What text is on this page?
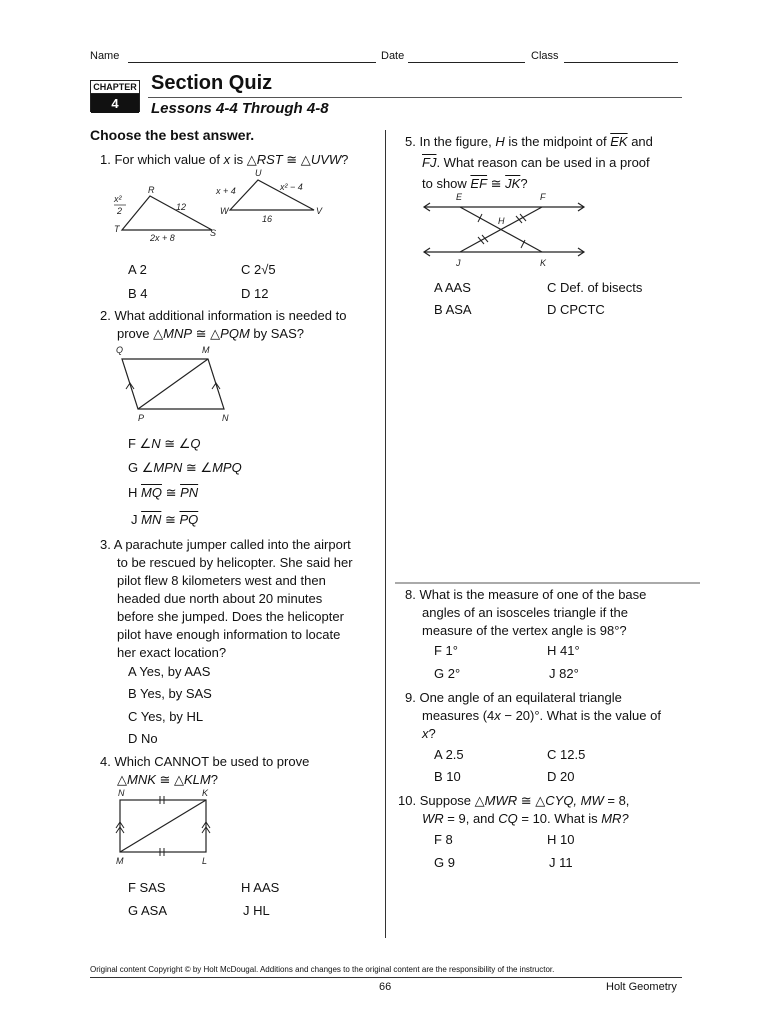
Name	Date	Class
CHAPTER
4
Section Quiz
Lessons 4-4 Through 4-8
Choose the best answer.
1. For which value of x is △RST ≅ △UVW?
x²
2
R
12
T	S
2x + 8
U
x + 4	x² − 4
W
16
V
A 2	C 2√5
B 4	D 12
2. What additional information is needed to
prove △MNP ≅ △PQM by SAS?
Q	M
P	N
F ∠N ≅ ∠Q
G ∠MPN ≅ ∠MPQ
H $\overline{MQ}$ ≅ $\overline{PN}$
J $\overline{MN}$ ≅ $\overline{PQ}$
3. A parachute jumper called into the airport
to be rescued by helicopter. She said her
pilot flew 8 kilometers west and then
headed due north about 20 minutes
before she jumped. Does the helicopter
pilot have enough information to locate
her exact location?
A Yes, by AAS
B Yes, by SAS
C Yes, by HL
D No
4. Which CANNOT be used to prove
△MNK ≅ △KLM?
N	K
M	L
F SAS	H AAS
G ASA	J HL
5. In the figure, H is the midpoint of $\overline{EK}$ and
$\overline{FJ}$. What reason can be used in a proof
to show $\overline{EF}$ ≅ $\overline{JK}$?
E	F
H
J	K
A AAS	C Def. of bisects
B ASA	D CPCTC
8. What is the measure of one of the base
angles of an isosceles triangle if the
measure of the vertex angle is 98°?
F 1°	H 41°
G 2°	J 82°
9. One angle of an equilateral triangle
measures (4x − 20)°. What is the value of
x?
A 2.5	C 12.5
B 10	D 20
10. Suppose △MWR ≅ △CYQ, MW = 8,
WR = 9, and CQ = 10. What is MR?
F 8	H 10
G 9	J 11
Original content Copyright © by Holt McDougal. Additions and changes to the original content are the responsibility of the instructor.
66	Holt Geometry
